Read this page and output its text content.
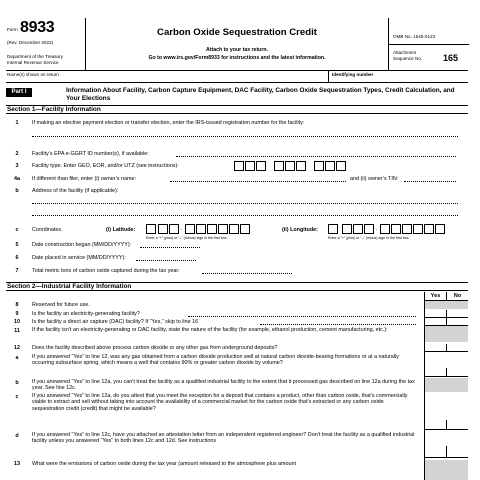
Form 8933
(Rev. December 2023)
Department of the Treasury
Internal Revenue Service
Carbon Oxide Sequestration Credit
Attach to your tax return.
Go to www.irs.gov/Form8933 for instructions and the latest information.
OMB No. 1545-0123
Attachment
Sequence No. 165
Name(s) shown on return	Identifying number
Part I	Information About Facility, Carbon Capture Equipment, DAC Facility, Carbon Oxide Sequestration Types, Credit Calculation, and Your Elections
Section 1—Facility Information
1	If making an elective payment election or transfer election, enter the IRS-issued registration number for the facility:
2	Facility’s EPA e-GGRT ID number(s), if available:
3	Facility type. Enter GEO, EOR, and/or UTZ (see instructions):
4a	If different than filer, enter (i) owner’s name:	and (ii) owner’s TIN:
b	Address of the facility (if applicable):
c	Coordinates.	(i) Latitude:	.
Enter a “+” (plus) or “–” (minus) sign in the first box.
(ii) Longitude:	.
Enter a “+” (plus) or “–” (minus) sign in the first box.
5	Date construction began (MM/DD/YYYY):
6	Date placed in service (MM/DD/YYYY):
7	Total metric tons of carbon oxide captured during the tax year:
Section 2—Industrial Facility Information
Yes	No
8	Reserved for future use.
9	Is the facility an electricity-generating facility?
10	Is the facility a direct air capture (DAC) facility? If “Yes,” skip to line 16
11	If the facility isn’t an electricity-generating or DAC facility, state the nature of the facility (for example, ethanol production, cement manufacturing, etc.):
12	Does the facility described above process carbon dioxide or any other gas from underground deposits?
a	If you answered “Yes” to line 12, was any gas obtained from a carbon dioxide production well at natural carbon dioxide-bearing formations or at a naturally occurring subsurface spring, which means a well that contains 90% or greater carbon dioxide by volume?
b	If you answered “Yes” to line 12a, you can’t treat the facility as a qualified industrial facility to the extent that it processed gas described on line 12a during the tax year. See line 12c.
c	If you answered “Yes” to line 12a, do you attest that you meet the exception for a deposit that contains a product, other than carbon oxide, that’s commercially viable to extract and sell without taking into account the availability of a commercial market for the carbon oxide that’s extracted or any carbon oxide sequestration credit (credit) that might be available?
d	If you answered “Yes” to line 12c, have you attached an attestation letter from an independent registered engineer? Don’t treat the facility as a qualified industrial facility unless you answered “Yes” to both lines 12c and 12d. See instructions
13	What were the emissions of carbon oxide during the tax year (amount released to the atmosphere plus amount
